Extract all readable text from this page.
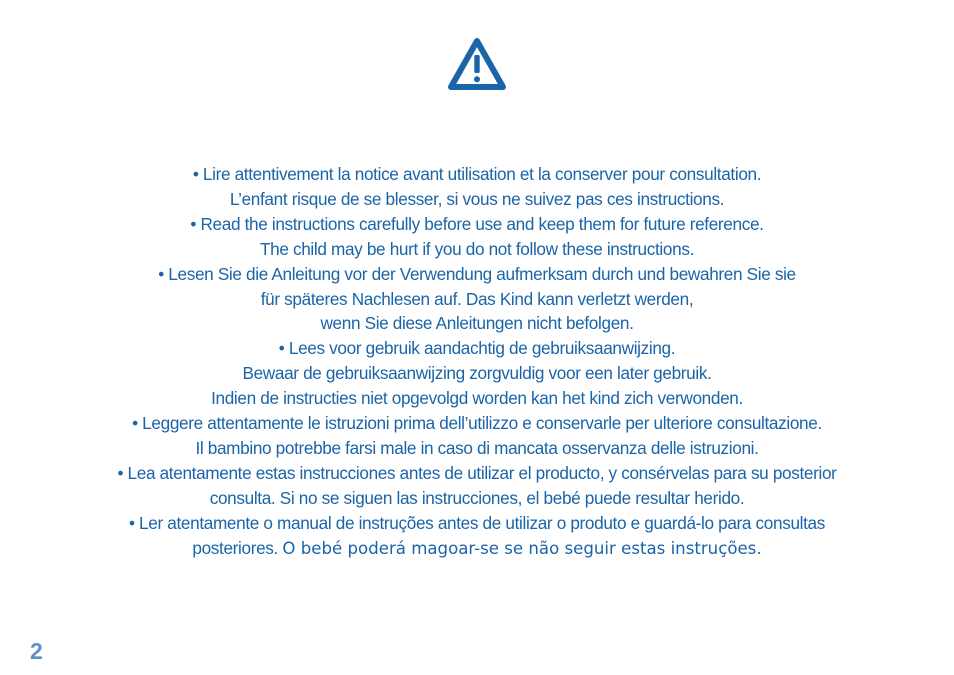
• Lire attentivement la notice avant utilisation et la conserver pour consultation.
L’enfant risque de se blesser, si vous ne suivez pas ces instructions.
• Read the instructions carefully before use and keep them for future reference.
The child may be hurt if you do not follow these instructions.
• Lesen Sie die Anleitung vor der Verwendung aufmerksam durch und bewahren Sie sie
für späteres Nachlesen auf. Das Kind kann verletzt werden,
wenn Sie diese Anleitungen nicht befolgen.
• Lees voor gebruik aandachtig de gebruiksaanwijzing.
Bewaar de gebruiksaanwijzing zorgvuldig voor een later gebruik.
Indien de instructies niet opgevolgd worden kan het kind zich verwonden.
• Leggere attentamente le istruzioni prima dell’utilizzo e conservarle per ulteriore consultazione.
Il bambino potrebbe farsi male in caso di mancata osservanza delle istruzioni.
• Lea atentamente estas instrucciones antes de utilizar el producto, y consérvelas para su posterior
consulta. Si no se siguen las instrucciones, el bebé puede resultar herido.
• Ler atentamente o manual de instruções antes de utilizar o produto e guardá-lo para consultas
posteriores. O bebé poderá magoar-se se não seguir estas instruções.
2
